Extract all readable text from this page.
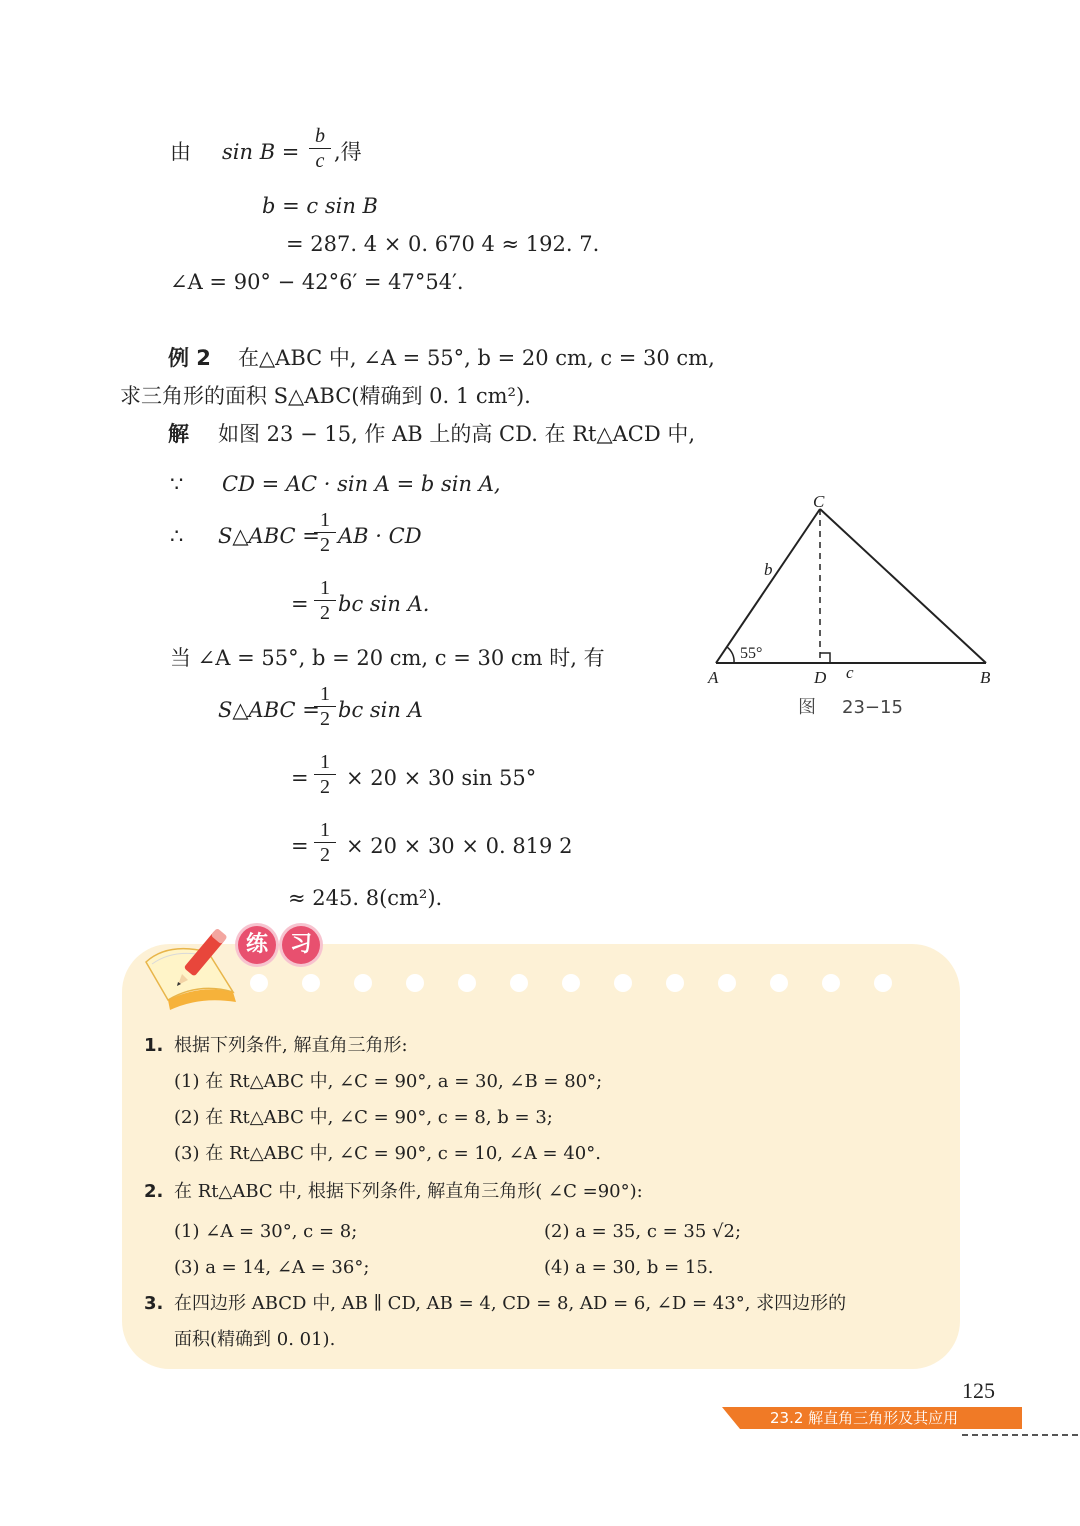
由 sin B =
b
c ,得
b = c sin B
= 287. 4 × 0. 670 4 ≈ 192. 7.
∠A = 90° − 42°6′ = 47°54′.
例 2 在△ABC 中, ∠A = 55°, b = 20 cm, c = 30 cm,
求三角形的面积 S△ABC(精确到 0. 1 cm²).
解 如图 23 − 15, 作 AB 上的高 CD. 在 Rt△ACD 中,
∵ CD = AC · sin A = b sin A,
∴ S△ABC =
1
2 AB · CD
=
1
2 bc sin A.
当 ∠A = 55°, b = 20 cm, c = 30 cm 时, 有
S△ABC =
1
2 bc sin A
=
1
2 × 20 × 30 sin 55°
=
1
2 × 20 × 30 × 0. 819 2
≈ 245. 8(cm²).
A	B
C
D
b
c
55°
图 23−15
练 习
1. 根据下列条件, 解直角三角形:
(1) 在 Rt△ABC 中, ∠C = 90°, a = 30, ∠B = 80°;
(2) 在 Rt△ABC 中, ∠C = 90°, c = 8, b = 3;
(3) 在 Rt△ABC 中, ∠C = 90°, c = 10, ∠A = 40°.
2. 在 Rt△ABC 中, 根据下列条件, 解直角三角形( ∠C =90°):
(1) ∠A = 30°, c = 8;	(2) a = 35, c = 35 √2;
(3) a = 14, ∠A = 36°;	(4) a = 30, b = 15.
3. 在四边形 ABCD 中, AB ∥ CD, AB = 4, CD = 8, AD = 6, ∠D = 43°, 求四边形的
面积(精确到 0. 01).
125
23.2 解直角三角形及其应用
